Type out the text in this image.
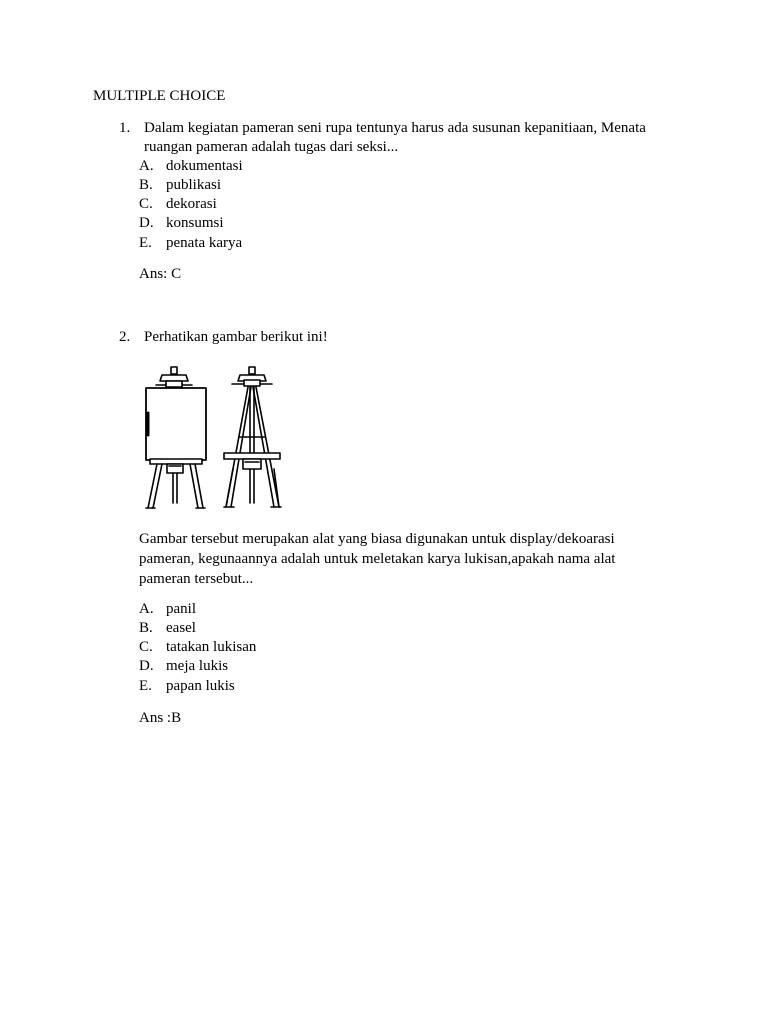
MULTIPLE CHOICE
1. Dalam kegiatan pameran seni rupa tentunya harus ada susunan kepanitiaan, Menata
ruangan pameran adalah tugas dari seksi...
A. dokumentasi
B. publikasi
C. dekorasi
D. konsumsi
E. penata karya
Ans: C
2. Perhatikan gambar berikut ini!
Gambar tersebut merupakan alat yang biasa digunakan untuk display/dekoarasi
pameran, kegunaannya adalah untuk meletakan karya lukisan,apakah nama alat
pameran tersebut...
A. panil
B. easel
C. tatakan lukisan
D. meja lukis
E. papan lukis
Ans :B
